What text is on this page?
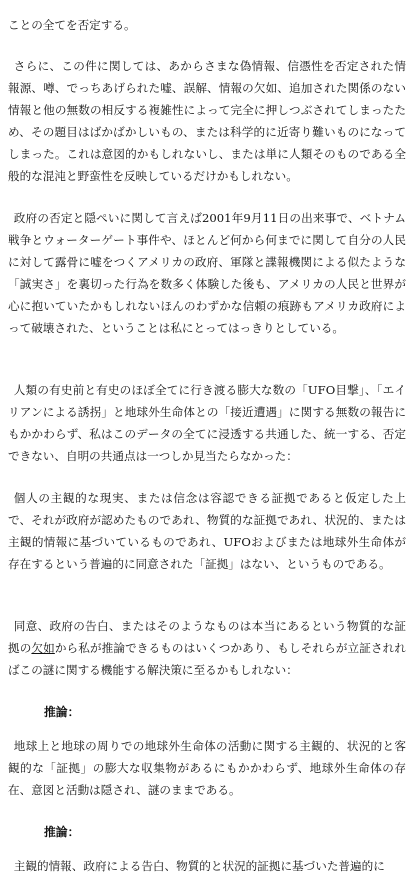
ことの全てを否定する。

さらに、この件に関しては、あからさまな偽情報、信憑性を否定された情報源、噂、でっちあげられた嘘、誤解、情報の欠如、追加された関係のない情報と他の無数の相反する複雑性によって完全に押しつぶされてしまったため、その題目はばかばかしいもの、または科学的に近寄り難いものになってしまった。これは意図的かもしれないし、または単に人類そのものである全般的な混沌と野蛮性を反映しているだけかもしれない。

政府の否定と隠ぺいに関して言えば2001年9月11日の出来事で、ベトナム戦争とウォーターゲート事件や、ほとんど何から何までに関して自分の人民に対して露骨に嘘をつくアメリカの政府、軍隊と諜報機関による似たような「誠実さ」を裏切った行為を数多く体験した後も、アメリカの人民と世界が心に抱いていたかもしれないほんのわずかな信頼の痕跡もアメリカ政府によって破壊された、ということは私にとってはっきりとしている。

人類の有史前と有史のほぼ全てに行き渡る膨大な数の「UFO目撃」、「エイリアンによる誘拐」と地球外生命体との「接近遭遇」に関する無数の報告にもかかわらず、私はこのデータの全てに浸透する共通した、統一する、否定できない、自明の共通点は一つしか見当たらなかった：

個人の主観的な現実、または信念は容認できる証拠であると仮定した上で、それが政府が認めたものであれ、物質的な証拠であれ、状況的、または主観的情報に基づいているものであれ、UFOおよびまたは地球外生命体が存在するという普遍的に同意された「証拠」はない、というものである。

同意、政府の告白、またはそのようなものは本当にあるという物質的な証拠の欠如から私が推論できるものはいくつかあり、もしそれらが立証されればこの謎に関する機能する解決策に至るかもしれない：

推論：

地球上と地球の周りでの地球外生命体の活動に関する主観的、状況的と客観的な「証拠」の膨大な収集物があるにもかかわらず、地球外生命体の存在、意図と活動は隠され、謎のままである。

推論：

主観的情報、政府による告白、物質的と状況的証拠に基づいた普遍的に
